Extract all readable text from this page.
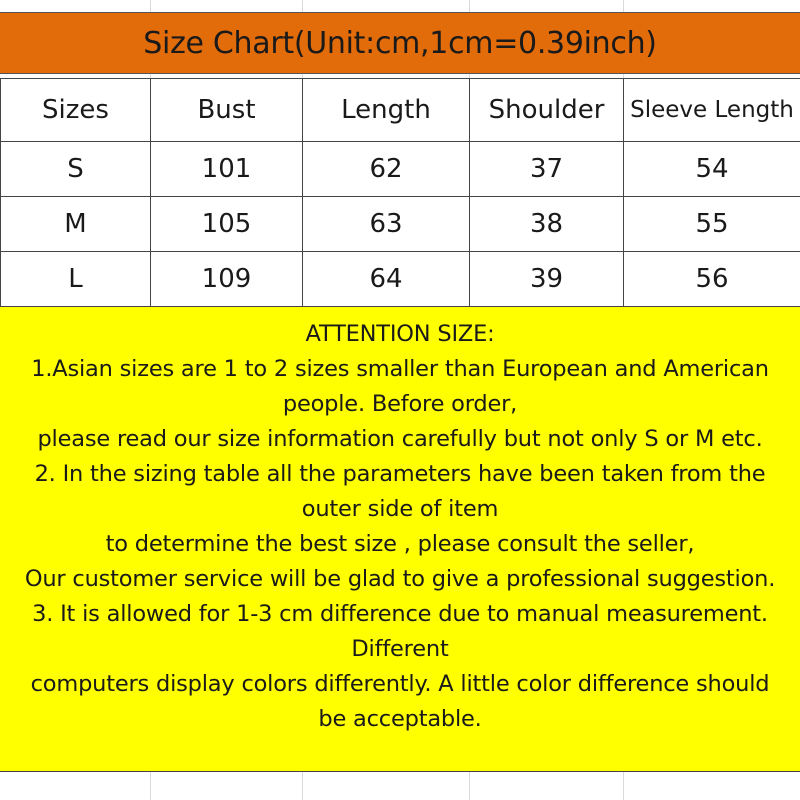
Size Chart(Unit:cm,1cm=0.39inch)
Sizes	Bust	Length	Shoulder	Sleeve Length
S	101	62	37	54
M	105	63	38	55
L	109	64	39	56
ATTENTION SIZE:
1.Asian sizes are 1 to 2 sizes smaller than European and American
people. Before order,
please read our size information carefully but not only S or M etc.
2. In the sizing table all the parameters have been taken from the
outer side of item
to determine the best size , please consult the seller,
Our customer service will be glad to give a professional suggestion.
3. It is allowed for 1-3 cm difference due to manual measurement.
Different
computers display colors differently. A little color difference should
be acceptable.
